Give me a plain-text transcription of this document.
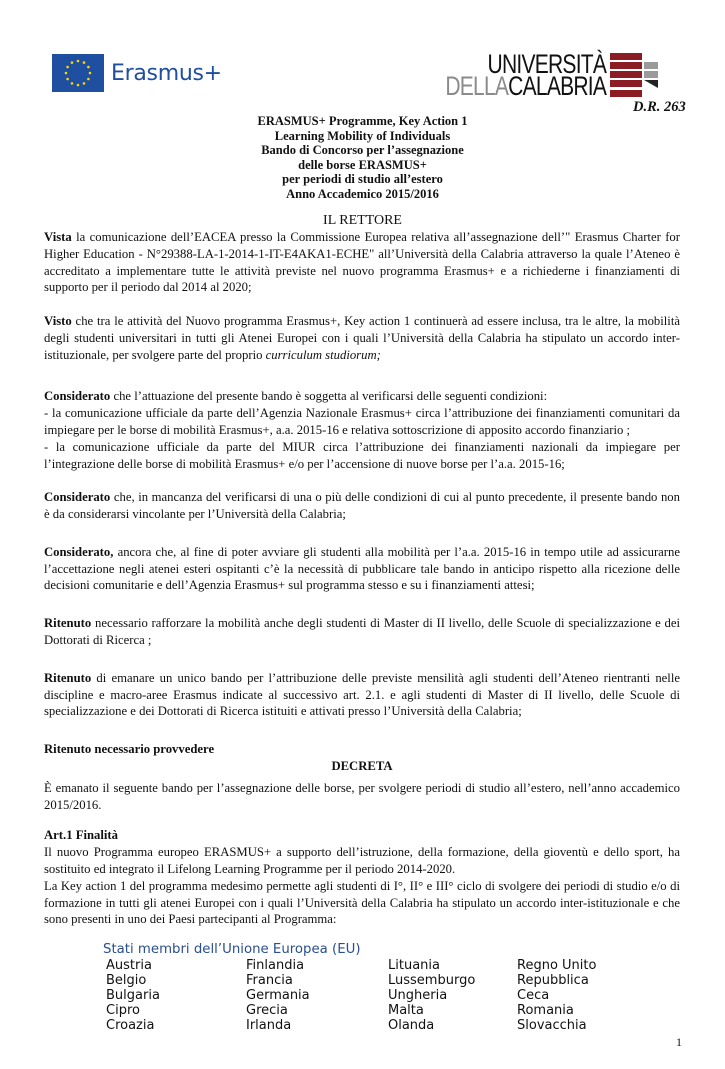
Erasmus+	UNIVERSITÀ
DELLACALABRIA
D.R. 263
ERASMUS+ Programme, Key Action 1
Learning Mobility of Individuals
Bando di Concorso per l’assegnazione
delle borse ERASMUS+
per periodi di studio all’estero
Anno Accademico 2015/2016
IL RETTORE

Vista la comunicazione dell’EACEA presso la Commissione Europea relativa all’assegnazione dell’" Erasmus Charter for Higher Education - N°29388-LA-1-2014-1-IT-E4AKA1-ECHE" all’Università della Calabria attraverso la quale l’Ateneo è accreditato a implementare tutte le attività previste nel nuovo programma Erasmus+ e a richiederne i finanziamenti di supporto per il periodo dal 2014 al 2020;

Visto che tra le attività del Nuovo programma Erasmus+, Key action 1 continuerà ad essere inclusa, tra le altre, la mobilità degli studenti universitari in tutti gli Atenei Europei con i quali l’Università della Calabria ha stipulato un accordo inter-istituzionale, per svolgere parte del proprio curriculum studiorum;

Considerato che l’attuazione del presente bando è soggetta al verificarsi delle seguenti condizioni:
- la comunicazione ufficiale da parte dell’Agenzia Nazionale Erasmus+ circa l’attribuzione dei finanziamenti comunitari da impiegare per le borse di mobilità Erasmus+, a.a. 2015-16 e relativa sottoscrizione di apposito accordo finanziario ;
- la comunicazione ufficiale da parte del MIUR circa l’attribuzione dei finanziamenti nazionali da impiegare per l’integrazione delle borse di mobilità Erasmus+ e/o per l’accensione di nuove borse per l’a.a. 2015-16;

Considerato che, in mancanza del verificarsi di una o più delle condizioni di cui al punto precedente, il presente bando non è da considerarsi vincolante per l’Università della Calabria;

Considerato, ancora che, al fine di poter avviare gli studenti alla mobilità per l’a.a. 2015-16 in tempo utile ad assicurarne l’accettazione negli atenei esteri ospitanti c’è la necessità di pubblicare tale bando in anticipo rispetto alla ricezione delle decisioni comunitarie e dell’Agenzia Erasmus+ sul programma stesso e su i finanziamenti attesi;

Ritenuto necessario rafforzare la mobilità anche degli studenti di Master di II livello, delle Scuole di specializzazione e dei Dottorati di Ricerca ;

Ritenuto di emanare un unico bando per l’attribuzione delle previste mensilità agli studenti dell’Ateneo rientranti nelle discipline e macro-aree Erasmus indicate al successivo art. 2.1. e agli studenti di Master di II livello, delle Scuole di specializzazione e dei Dottorati di Ricerca istituiti e attivati presso l’Università della Calabria;

Ritenuto necessario provvedere

DECRETA

È emanato il seguente bando per l’assegnazione delle borse, per svolgere periodi di studio all’estero, nell’anno accademico 2015/2016.

Art.1 Finalità

Il nuovo Programma europeo ERASMUS+ a supporto dell’istruzione, della formazione, della gioventù e dello sport, ha sostituito ed integrato il Lifelong Learning Programme per il periodo 2014-2020.

La Key action 1 del programma medesimo permette agli studenti di I°, II° e III° ciclo di svolgere dei periodi di studio e/o di formazione in tutti gli atenei Europei con i quali l’Università della Calabria ha stipulato un accordo inter-istituzionale e che sono presenti in uno dei Paesi partecipanti al Programma:

Stati membri dell’Unione Europea (EU)
Austria	Finlandia	Lituania	Regno Unito
Belgio	Francia	Lussemburgo	Repubblica
Bulgaria	Germania	Ungheria	Ceca
Cipro	Grecia	Malta	Romania
Croazia	Irlanda	Olanda	Slovacchia
1
